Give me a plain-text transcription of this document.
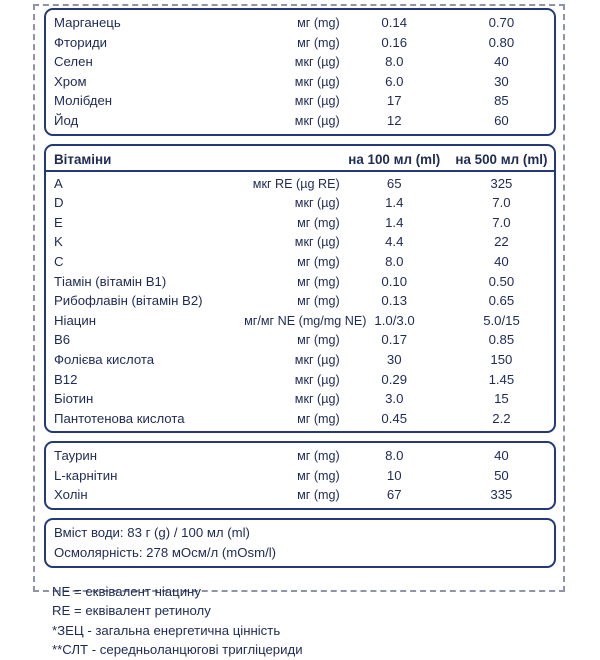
Марганець	мг (mg)	0.14	0.70
Фториди	мг (mg)	0.16	0.80
Селен	мкг (µg)	8.0	40
Хром	мкг (µg)	6.0	30
Молібден	мкг (µg)	17	85
Йод	мкг (µg)	12	60
Вітаміни	на 100 мл (ml)	на 500 мл (ml)
A	мкг RE (µg RE)	65	325
D	мкг (µg)	1.4	7.0
E	мг (mg)	1.4	7.0
K	мкг (µg)	4.4	22
C	мг (mg)	8.0	40
Тіамін (вітамін B1)	мг (mg)	0.10	0.50
Рибофлавін (вітамін B2)	мг (mg)	0.13	0.65
Ніацин	мг/мг NE (mg/mg NE) 1.0/3.0	5.0/15
B6	мг (mg)	0.17	0.85
Фолієва кислота	мкг (µg)	30	150
B12	мкг (µg)	0.29	1.45
Біотин	мкг (µg)	3.0	15
Пантотенова кислота	мг (mg)	0.45	2.2
Таурин	мг (mg)	8.0	40
L-карнітин	мг (mg)	10	50
Холін	мг (mg)	67	335
Вміст води: 83 г (g) / 100 мл (ml)
Осмолярність: 278 мОсм/л (mOsm/l)
NE = еквівалент ніацину
RE = еквівалент ретинолу
*ЗЕЦ - загальна енергетична цінність
**СЛТ - середньоланцюгові тригліцериди
